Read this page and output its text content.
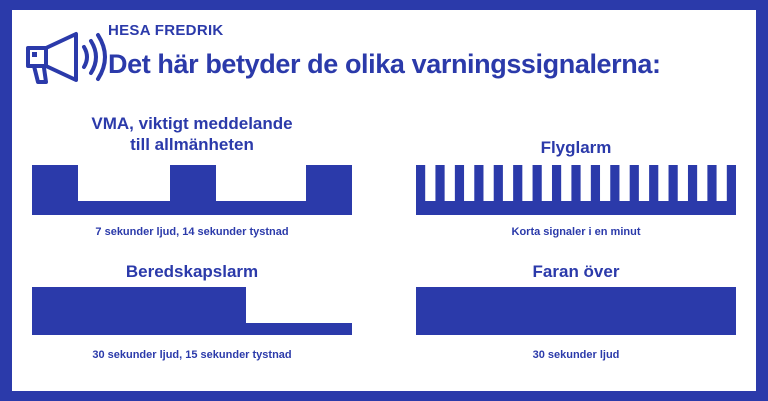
HESA FREDRIK
Det här betyder de olika varningssignalerna:
VMA, viktigt meddelande
till allmänheten
7 sekunder ljud, 14 sekunder tystnad
Flyglarm
Korta signaler i en minut
Beredskapslarm
30 sekunder ljud, 15 sekunder tystnad
Faran över
30 sekunder ljud
